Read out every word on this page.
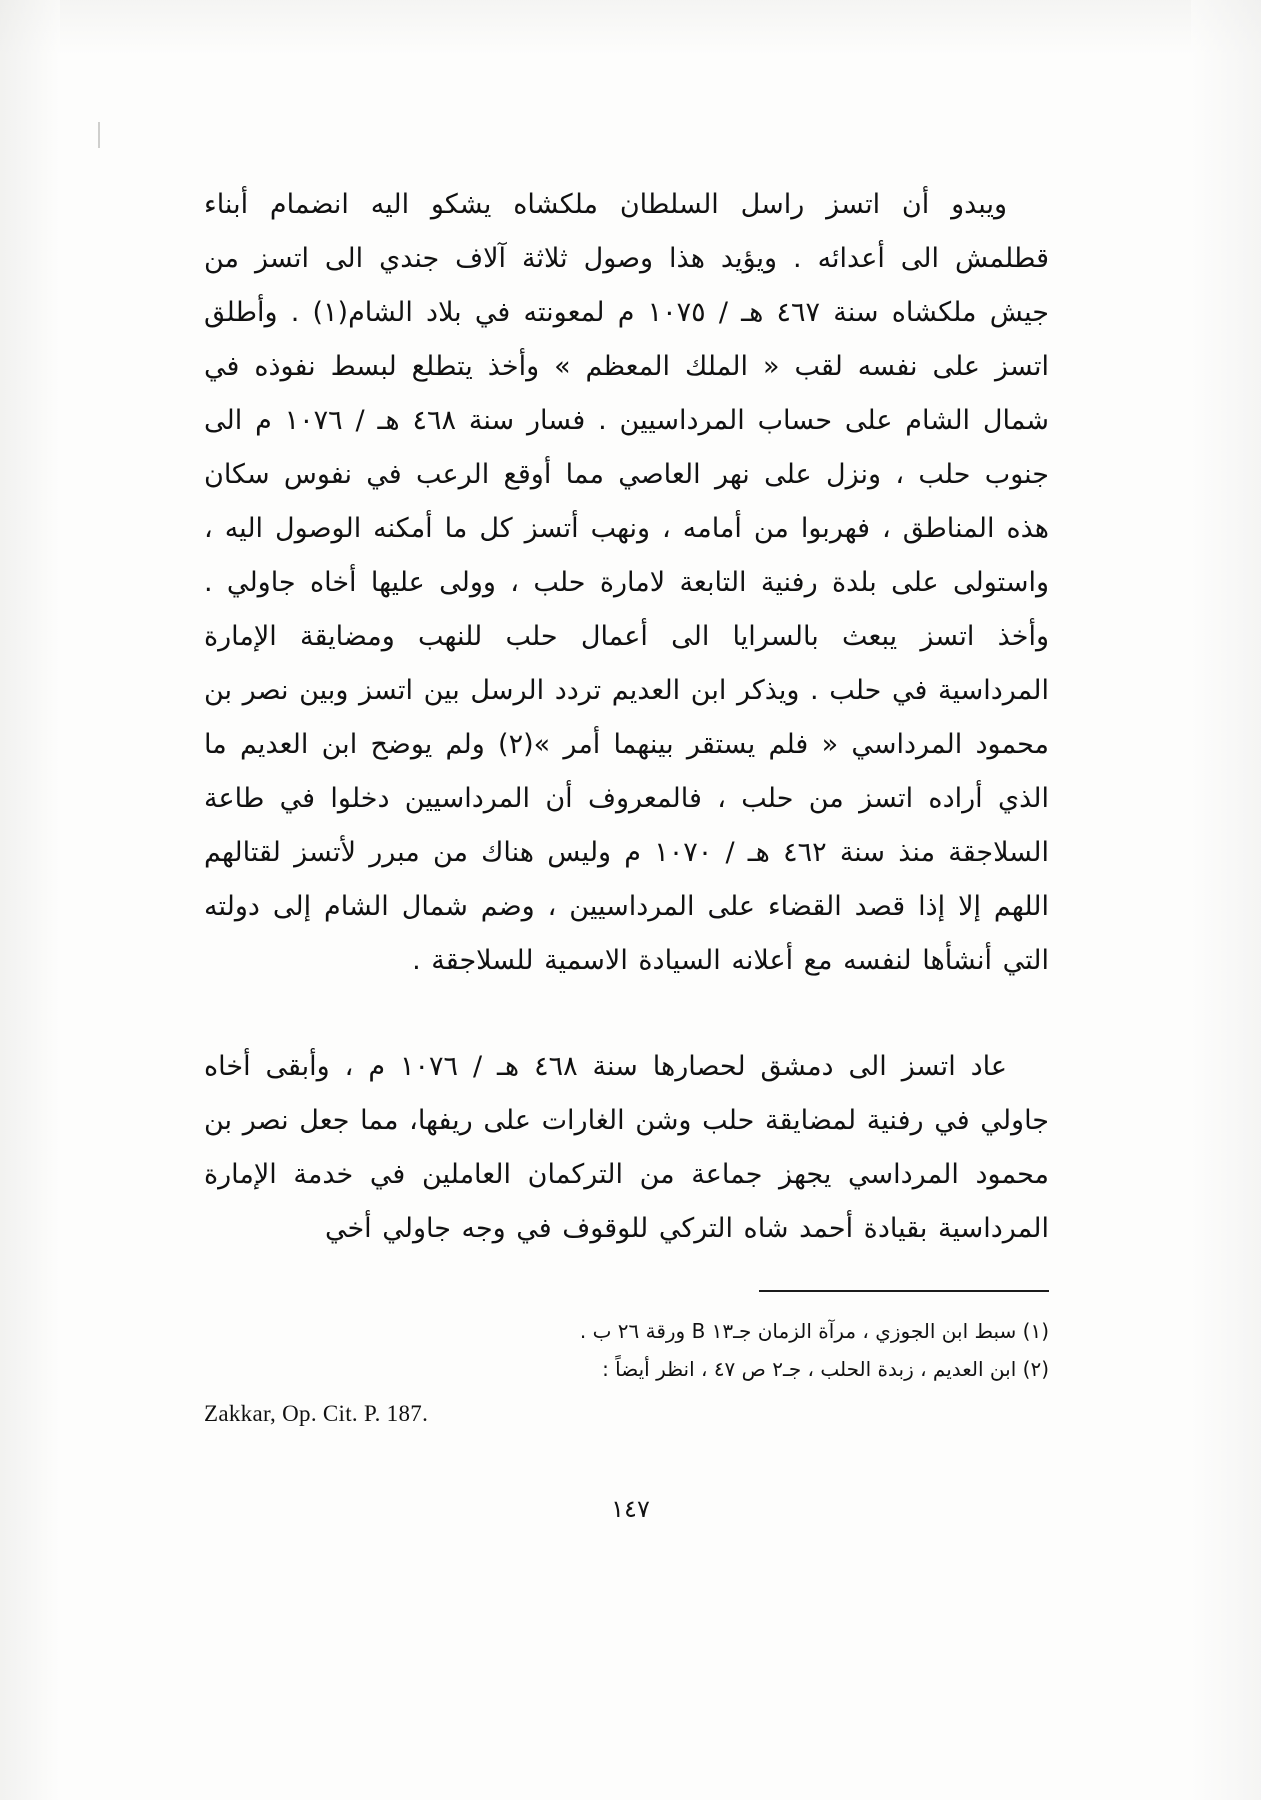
ويبدو أن اتسز راسل السلطان ملكشاه يشكو اليه انضمام أبناء قطلمش الى أعدائه . ويؤيد هذا وصول ثلاثة آلاف جندي الى اتسز من جيش ملكشاه سنة ٤٦٧ هـ / ١٠٧٥ م لمعونته في بلاد الشام(١) . وأطلق اتسز على نفسه لقب « الملك المعظم » وأخذ يتطلع لبسط نفوذه في شمال الشام على حساب المرداسيين . فسار سنة ٤٦٨ هـ / ١٠٧٦ م الى جنوب حلب ، ونزل على نهر العاصي مما أوقع الرعب في نفوس سكان هذه المناطق ، فهربوا من أمامه ، ونهب أتسز كل ما أمكنه الوصول اليه ، واستولى على بلدة رفنية التابعة لامارة حلب ، وولى عليها أخاه جاولي . وأخذ اتسز يبعث بالسرايا الى أعمال حلب للنهب ومضايقة الإمارة المرداسية في حلب . ويذكر ابن العديم تردد الرسل بين اتسز وبين نصر بن محمود المرداسي « فلم يستقر بينهما أمر »(٢) ولم يوضح ابن العديم ما الذي أراده اتسز من حلب ، فالمعروف أن المرداسيين دخلوا في طاعة السلاجقة منذ سنة ٤٦٢ هـ / ١٠٧٠ م وليس هناك من مبرر لأتسز لقتالهم اللهم إلا إذا قصد القضاء على المرداسيين ، وضم شمال الشام إلى دولته التي أنشأها لنفسه مع أعلانه السيادة الاسمية للسلاجقة .

عاد اتسز الى دمشق لحصارها سنة ٤٦٨ هـ / ١٠٧٦ م ، وأبقى أخاه جاولي في رفنية لمضايقة حلب وشن الغارات على ريفها، مما جعل نصر بن محمود المرداسي يجهز جماعة من التركمان العاملين في خدمة الإمارة المرداسية بقيادة أحمد شاه التركي للوقوف في وجه جاولي أخي

(١) سبط ابن الجوزي ، مرآة الزمان جـ١٣ B ورقة ٢٦ ب .

(٢) ابن العديم ، زبدة الحلب ، جـ٢ ص ٤٧ ، انظر أيضاً :

Zakkar, Op. Cit. P. 187.

١٤٧
